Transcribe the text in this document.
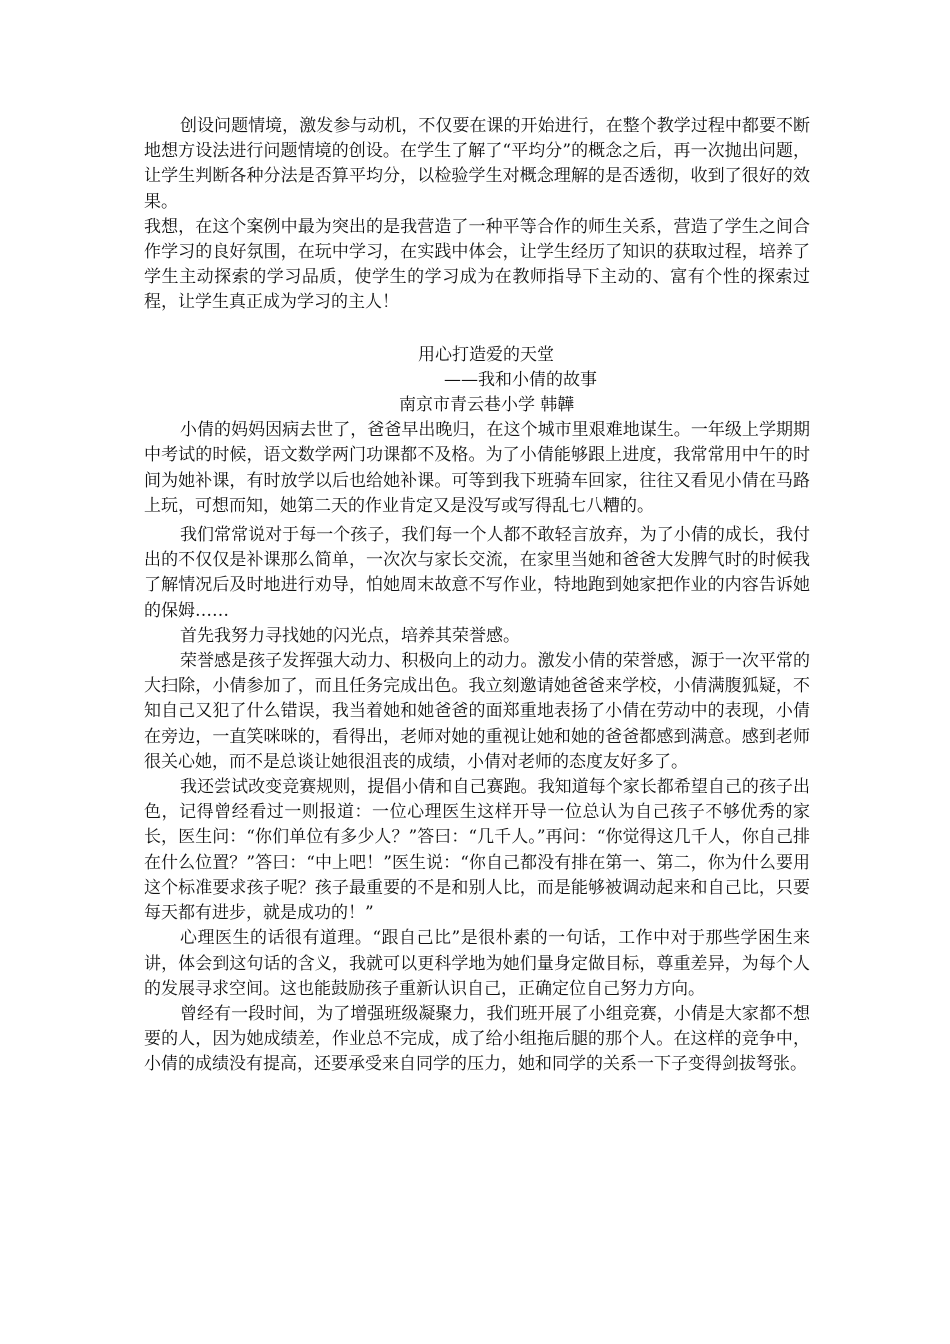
创设问题情境，激发参与动机，不仅要在课的开始进行，在整个教学过程中都要不断地想方设法进行问题情境的创设。在学生了解了“平均分”的概念之后，再一次抛出问题，让学生判断各种分法是否算平均分，以检验学生对概念理解的是否透彻，收到了很好的效果。

我想，在这个案例中最为突出的是我营造了一种平等合作的师生关系，营造了学生之间合作学习的良好氛围，在玩中学习，在实践中体会，让学生经历了知识的获取过程，培养了学生主动探索的学习品质，使学生的学习成为在教师指导下主动的、富有个性的探索过程，让学生真正成为学习的主人！

用心打造爱的天堂

——我和小倩的故事

南京市青云巷小学 韩韡

小倩的妈妈因病去世了，爸爸早出晚归，在这个城市里艰难地谋生。一年级上学期期中考试的时候，语文数学两门功课都不及格。为了小倩能够跟上进度，我常常用中午的时间为她补课，有时放学以后也给她补课。可等到我下班骑车回家，往往又看见小倩在马路上玩，可想而知，她第二天的作业肯定又是没写或写得乱七八糟的。

我们常常说对于每一个孩子，我们每一个人都不敢轻言放弃，为了小倩的成长，我付出的不仅仅是补课那么简单，一次次与家长交流，在家里当她和爸爸大发脾气时的时候我了解情况后及时地进行劝导，怕她周末故意不写作业，特地跑到她家把作业的内容告诉她的保姆……

首先我努力寻找她的闪光点，培养其荣誉感。

荣誉感是孩子发挥强大动力、积极向上的动力。激发小倩的荣誉感，源于一次平常的大扫除，小倩参加了，而且任务完成出色。我立刻邀请她爸爸来学校，小倩满腹狐疑，不知自己又犯了什么错误，我当着她和她爸爸的面郑重地表扬了小倩在劳动中的表现，小倩在旁边，一直笑咪咪的，看得出，老师对她的重视让她和她的爸爸都感到满意。感到老师很关心她，而不是总谈让她很沮丧的成绩，小倩对老师的态度友好多了。

我还尝试改变竞赛规则，提倡小倩和自己赛跑。我知道每个家长都希望自己的孩子出色，记得曾经看过一则报道：一位心理医生这样开导一位总认为自己孩子不够优秀的家长，医生问：“你们单位有多少人？”答曰：“几千人。”再问：“你觉得这几千人，你自己排在什么位置？”答曰：“中上吧！”医生说：“你自己都没有排在第一、第二，你为什么要用这个标准要求孩子呢？孩子最重要的不是和别人比，而是能够被调动起来和自己比，只要每天都有进步，就是成功的！”

心理医生的话很有道理。“跟自己比”是很朴素的一句话，工作中对于那些学困生来讲，体会到这句话的含义，我就可以更科学地为她们量身定做目标，尊重差异，为每个人的发展寻求空间。这也能鼓励孩子重新认识自己，正确定位自己努力方向。

曾经有一段时间，为了增强班级凝聚力，我们班开展了小组竞赛，小倩是大家都不想要的人，因为她成绩差，作业总不完成，成了给小组拖后腿的那个人。在这样的竞争中，小倩的成绩没有提高，还要承受来自同学的压力，她和同学的关系一下子变得剑拔弩张。
